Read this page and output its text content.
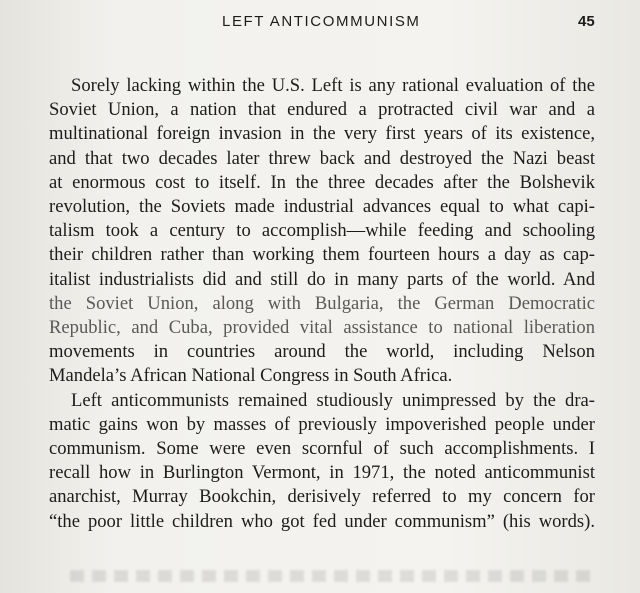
LEFT ANTICOMMUNISM	45
Sorely lacking within the U.S. Left is any rational evaluation of the
Soviet Union, a nation that endured a protracted civil war and a
multinational foreign invasion in the very first years of its existence,
and that two decades later threw back and destroyed the Nazi beast
at enormous cost to itself. In the three decades after the Bolshevik
revolution, the Soviets made industrial advances equal to what capi-
talism took a century to accomplish—while feeding and schooling
their children rather than working them fourteen hours a day as cap-
italist industrialists did and still do in many parts of the world. And
the Soviet Union, along with Bulgaria, the German Democratic
Republic, and Cuba, provided vital assistance to national liberation
movements in countries around the world, including Nelson
Mandela’s African National Congress in South Africa.
Left anticommunists remained studiously unimpressed by the dra-
matic gains won by masses of previously impoverished people under
communism. Some were even scornful of such accomplishments. I
recall how in Burlington Vermont, in 1971, the noted anticommunist
anarchist, Murray Bookchin, derisively referred to my concern for
“the poor little children who got fed under communism” (his words).
